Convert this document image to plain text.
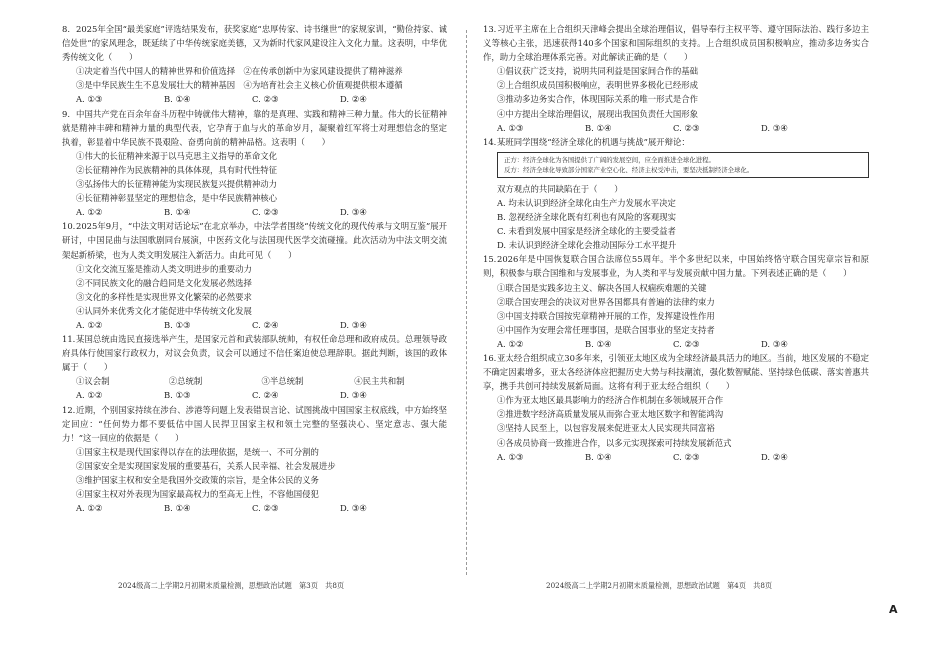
8. 2025年全国“最美家庭”评选结果发布，获奖家庭“忠厚传家、诗书继世”的家规家训，“勤俭持家、诚信处世”的家风理念，既延续了中华传统家庭美德，又为新时代家风建设注入文化力量。这表明，中华优秀传统文化（　　）
①决定着当代中国人的精神世界和价值选择　②在传承创新中为家风建设提供了精神滋养
③是中华民族生生不息发展壮大的精神基因　④为培育社会主义核心价值观提供根本遵循
A. ①③	B. ①④	C. ②③	D. ②④
9. 中国共产党在百余年奋斗历程中铸就伟大精神，靠的是真理、实践和精神三种力量。伟大的长征精神就是精神丰碑和精神力量的典型代表，它孕育于血与火的革命岁月，凝聚着红军将士对理想信念的坚定执着，彰显着中华民族不畏艰险、奋勇向前的精神品格。这表明（　　）
①伟大的长征精神来源于以马克思主义指导的革命文化
②长征精神作为民族精神的具体体现，具有时代性特征
③弘扬伟大的长征精神能为实现民族复兴提供精神动力
④长征精神彰显坚定的理想信念，是中华民族精神核心
A. ①②	B. ①④	C. ②③	D. ③④
10.2025年9月，“中法文明对话论坛”在北京举办，中法学者围绕“传统文化的现代传承与文明互鉴”展开研讨，中国昆曲与法国歌剧同台展演，中医药文化与法国现代医学交流碰撞。此次活动为中法文明交流架起新桥梁，也为人类文明发展注入新活力。由此可见（　　）
①文化交流互鉴是推动人类文明进步的重要动力
②不同民族文化的融合趋同是文化发展必然选择
③文化的多样性是实现世界文化繁荣的必然要求
④认同外来优秀文化才能促进中华传统文化发展
A. ①②	B. ①③	C. ②④	D. ③④
11.某国总统由选民直接选举产生，是国家元首和武装部队统帅，有权任命总理和政府成员。总理领导政府具体行使国家行政权力，对议会负责，议会可以通过不信任案迫使总理辞职。据此判断，该国的政体属于（　　）
①议会制	②总统制	③半总统制	④民主共和制
A. ①②	B. ①③	C. ②④	D. ③④
12.近期，个别国家持续在涉台、涉港等问题上发表错误言论、试图挑战中国国家主权底线，中方始终坚定回应：“任何势力都不要低估中国人民捍卫国家主权和领土完整的坚强决心、坚定意志、强大能力！”这一回应的依据是（　　）
①国家主权是现代国家得以存在的法理依据，是统一、不可分割的
②国家安全是实现国家发展的重要基石，关系人民幸福、社会发展进步
③维护国家主权和安全是我国外交政策的宗旨，是全体公民的义务
④国家主权对外表现为国家最高权力的至高无上性，不容他国侵犯
A. ①②	B. ①④	C. ②③	D. ③④
13.习近平主席在上合组织天津峰会提出全球治理倡议，倡导奉行主权平等、遵守国际法治、践行多边主义等核心主张，迅速获得140多个国家和国际组织的支持。上合组织成员国积极响应，推动多边务实合作，助力全球治理体系完善。对此解读正确的是（　　）
①倡议获广泛支持，说明共同利益是国家间合作的基础
②上合组织成员国积极响应，表明世界多极化已经形成
③推动多边务实合作，体现国际关系的唯一形式是合作
④中方提出全球治理倡议，展现出我国负责任大国形象
A. ①③	B. ①④	C. ②③	D. ③④
14.某班同学围绕“经济全球化的机遇与挑战”展开辩论：
正方：经济全球化为各国提供了广阔的发展空间，应全面推进全球化进程。
反方：经济全球化导致部分国家产业空心化、经济主权受冲击，要坚决抵制经济全球化。
双方观点的共同缺陷在于（　　）
A. 均未认识到经济全球化由生产力发展水平决定
B. 忽视经济全球化既有红利也有风险的客观现实
C. 未看到发展中国家是经济全球化的主要受益者
D. 未认识到经济全球化会推动国际分工水平提升
15.2026年是中国恢复联合国合法席位55周年。半个多世纪以来，中国始终恪守联合国宪章宗旨和原则，积极参与联合国维和与发展事业，为人类和平与发展贡献中国力量。下列表述正确的是（　　）
①联合国是实践多边主义、解决各国人权痼疾难题的关键
②联合国安理会的决议对世界各国都具有普遍的法律约束力
③中国支持联合国按宪章精神开展的工作，发挥建设性作用
④中国作为安理会常任理事国，是联合国事业的坚定支持者
A. ①②	B. ①④	C. ②③	D. ③④
16.亚太经合组织成立30多年来，引领亚太地区成为全球经济最具活力的地区。当前，地区发展的不稳定不确定因素增多，亚太各经济体应把握历史大势与科技潮流，强化数智赋能、坚持绿色低碳、落实普惠共享，携手共创可持续发展新局面。这将有利于亚太经合组织（　　）
①作为亚太地区最具影响力的经济合作机制在多领域展开合作
②推进数字经济高质量发展从而弥合亚太地区数字和智能鸿沟
③坚持人民至上，以包容发展来促进亚太人民实现共同富裕
④各成员协商一致推进合作，以多元实现探索可持续发展新范式
A. ①③	B. ①④	C. ②③	D. ②④
2024级高二上学期2月初期末质量检测，思想政治试题　第3页　共8页	2024级高二上学期2月初期末质量检测，思想政治试题　第4页　共8页
A
